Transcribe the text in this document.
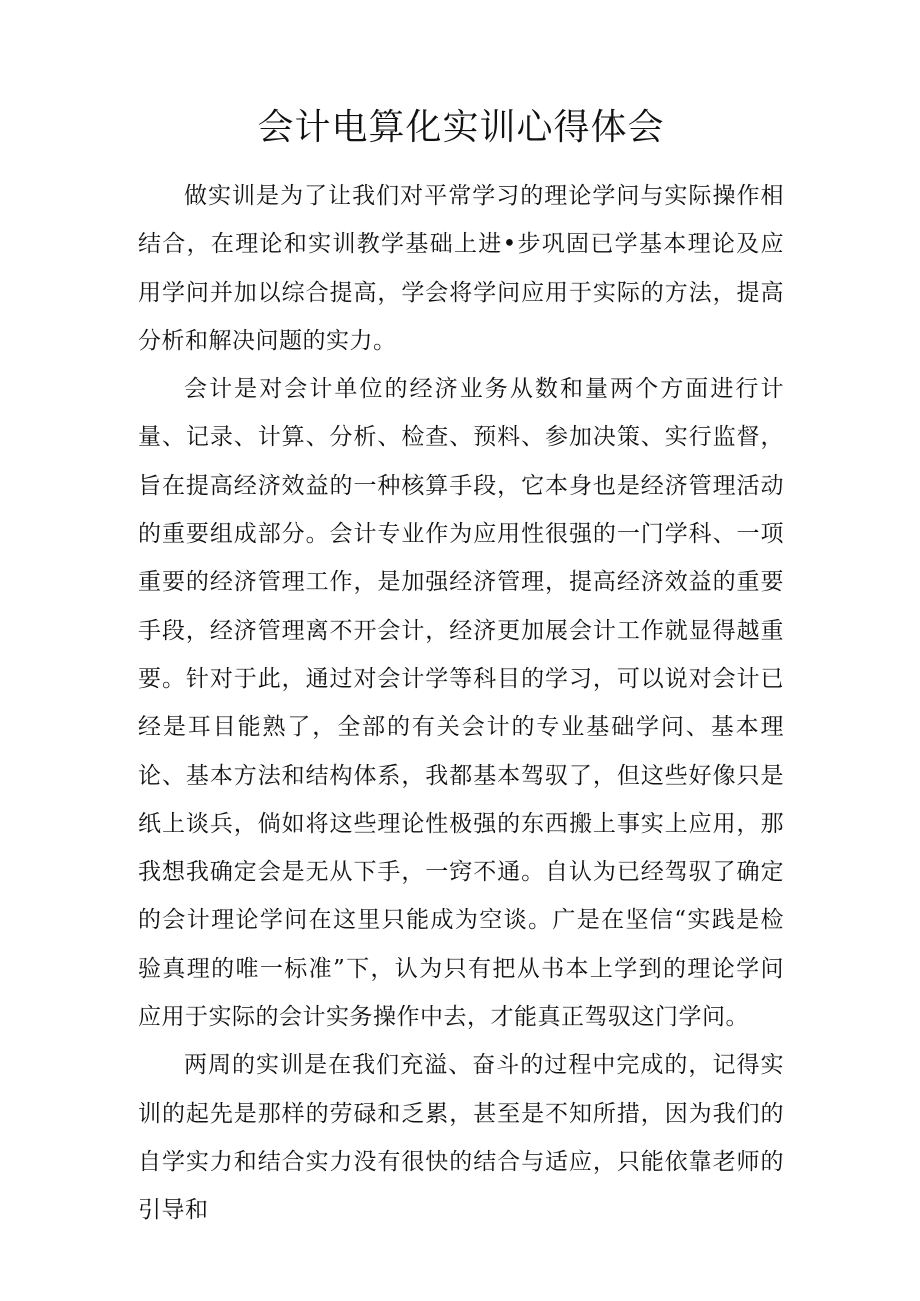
会计电算化实训心得体会

做实训是为了让我们对平常学习的理论学问与实际操作相结合，在理论和实训教学基础上进•步巩固已学基本理论及应用学问并加以综合提高，学会将学问应用于实际的方法，提高分析和解决问题的实力。

会计是对会计单位的经济业务从数和量两个方面进行计量、记录、计算、分析、检查、预料、参加决策、实行监督，旨在提高经济效益的一种核算手段，它本身也是经济管理活动的重要组成部分。会计专业作为应用性很强的一门学科、一项重要的经济管理工作，是加强经济管理，提高经济效益的重要手段，经济管理离不开会计，经济更加展会计工作就显得越重要。针对于此，通过对会计学等科目的学习，可以说对会计已经是耳目能熟了，全部的有关会计的专业基础学问、基本理论、基本方法和结构体系，我都基本驾驭了，但这些好像只是纸上谈兵，倘如将这些理论性极强的东西搬上事实上应用，那我想我确定会是无从下手，一窍不通。自认为已经驾驭了确定的会计理论学问在这里只能成为空谈。广是在坚信“实践是检验真理的唯一标准”下，认为只有把从书本上学到的理论学问应用于实际的会计实务操作中去，才能真正驾驭这门学问。

两周的实训是在我们充溢、奋斗的过程中完成的，记得实训的起先是那样的劳碌和乏累，甚至是不知所措，因为我们的自学实力和结合实力没有很快的结合与适应，只能依靠老师的引导和
